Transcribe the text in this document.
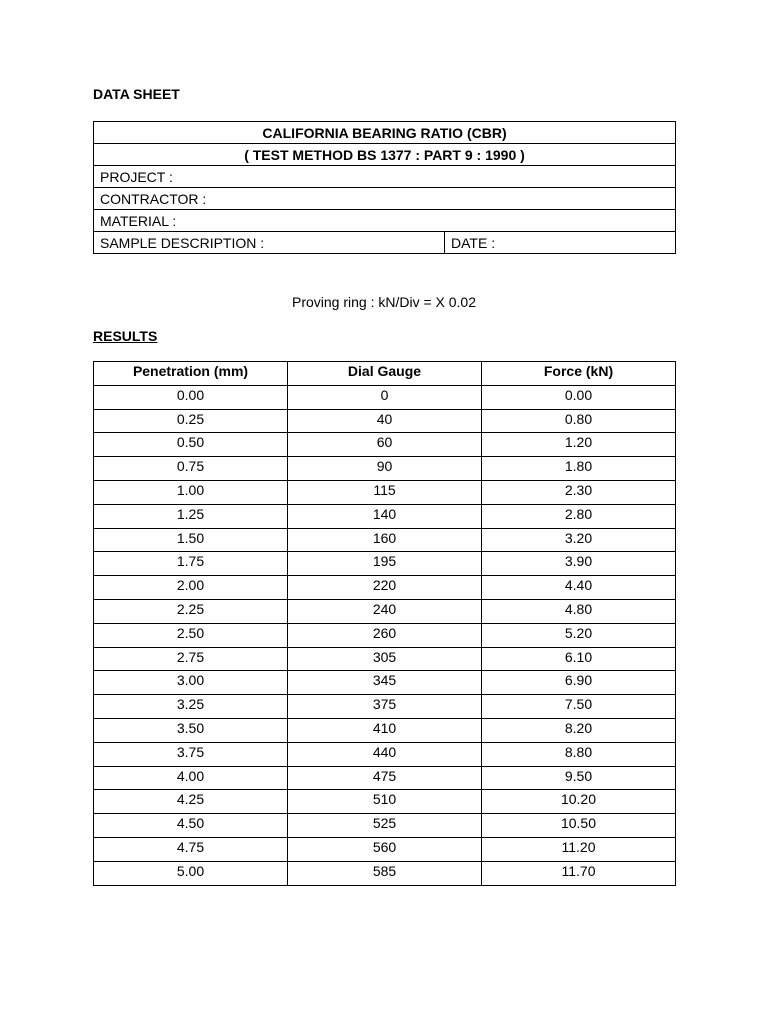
DATA SHEET
CALIFORNIA BEARING RATIO (CBR)
( TEST METHOD BS 1377 : PART 9 : 1990 )
PROJECT :
CONTRACTOR :
MATERIAL :
SAMPLE DESCRIPTION :	DATE :
Proving ring : kN/Div = X 0.02
RESULTS
Penetration (mm)	Dial Gauge	Force (kN)
0.00	0	0.00
0.25	40	0.80
0.50	60	1.20
0.75	90	1.80
1.00	115	2.30
1.25	140	2.80
1.50	160	3.20
1.75	195	3.90
2.00	220	4.40
2.25	240	4.80
2.50	260	5.20
2.75	305	6.10
3.00	345	6.90
3.25	375	7.50
3.50	410	8.20
3.75	440	8.80
4.00	475	9.50
4.25	510	10.20
4.50	525	10.50
4.75	560	11.20
5.00	585	11.70
